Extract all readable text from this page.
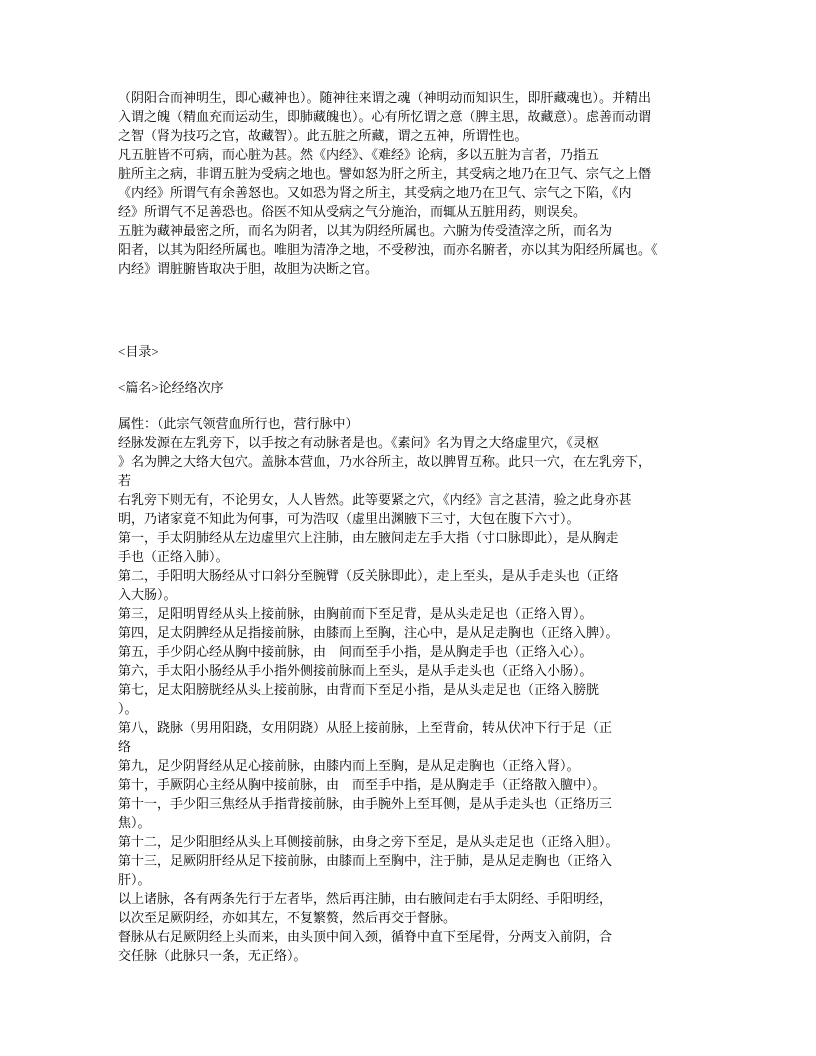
（阴阳合而神明生，即心藏神也）。随神往来谓之魂（神明动而知识生，即肝藏魂也）。并精出
入谓之魄（精血充而运动生，即肺藏魄也）。心有所忆谓之意（脾主思，故藏意）。虑善而动谓
之智（肾为技巧之官，故藏智）。此五脏之所藏，谓之五神，所谓性也。
凡五脏皆不可病，而心脏为甚。然《内经》、《难经》论病，多以五脏为言者，乃指五
脏所主之病，非谓五脏为受病之地也。譬如怒为肝之所主，其受病之地乃在卫气、宗气之上僭
《内经》所谓气有余善怒也。又如恐为肾之所主，其受病之地乃在卫气、宗气之下陷，《内
经》所谓气不足善恐也。俗医不知从受病之气分施治，而辄从五脏用药，则误矣。
五脏为藏神最密之所，而名为阴者，以其为阴经所属也。六腑为传受渣滓之所，而名为
阳者，以其为阳经所属也。唯胆为清净之地，不受秽浊，而亦名腑者，亦以其为阳经所属也。《
内经》谓脏腑皆取决于胆，故胆为决断之官。
<目录>
<篇名>论经络次序
属性：（此宗气领营血所行也，营行脉中）
经脉发源在左乳旁下，以手按之有动脉者是也。《素问》名为胃之大络虚里穴，《灵枢
》名为脾之大络大包穴。盖脉本营血，乃水谷所主，故以脾胃互称。此只一穴，在左乳旁下，
若
右乳旁下则无有，不论男女，人人皆然。此等要紧之穴，《内经》言之甚清，验之此身亦甚
明，乃诸家竟不知此为何事，可为浩叹（虚里出渊腋下三寸，大包在腹下六寸）。
第一，手太阴肺经从左边虚里穴上注肺，由左腋间走左手大指（寸口脉即此），是从胸走
手也（正络入肺）。
第二，手阳明大肠经从寸口斜分至腕臂（反关脉即此），走上至头，是从手走头也（正络
入大肠）。
第三，足阳明胃经从头上接前脉，由胸前而下至足背，是从头走足也（正络入胃）。
第四，足太阴脾经从足指接前脉，由膝而上至胸，注心中，是从足走胸也（正络入脾）。
第五，手少阴心经从胸中接前脉，由　间而至手小指，是从胸走手也（正络入心）。
第六，手太阳小肠经从手小指外侧接前脉而上至头，是从手走头也（正络入小肠）。
第七，足太阳膀胱经从头上接前脉，由背而下至足小指，是从头走足也（正络入膀胱
）。
第八，跷脉（男用阳跷，女用阴跷）从胫上接前脉，上至背俞，转从伏冲下行于足（正
络
第九，足少阴肾经从足心接前脉，由膝内而上至胸，是从足走胸也（正络入肾）。
第十，手厥阴心主经从胸中接前脉，由　而至手中指，是从胸走手（正络散入膻中）。
第十一，手少阳三焦经从手指背接前脉，由手腕外上至耳侧，是从手走头也（正络历三
焦）。
第十二，足少阳胆经从头上耳侧接前脉，由身之旁下至足，是从头走足也（正络入胆）。
第十三，足厥阴肝经从足下接前脉，由膝而上至胸中，注于肺，是从足走胸也（正络入
肝）。
以上诸脉，各有两条先行于左者毕，然后再注肺，由右腋间走右手太阴经、手阳明经，
以次至足厥阴经，亦如其左，不复繁赘，然后再交于督脉。
督脉从右足厥阴经上头而来，由头顶中间入颈，循脊中直下至尾骨，分两支入前阴，合
交任脉（此脉只一条，无正络）。
